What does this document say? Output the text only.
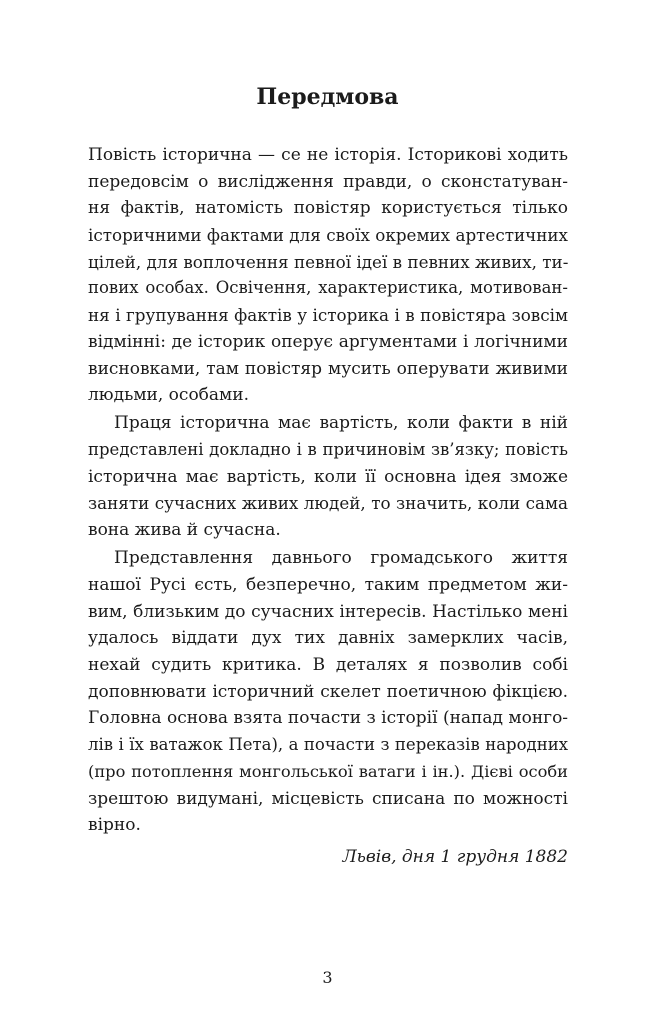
Передмова
Повість історична — се не історія. Історикові ходить
передовсім о вислідження правди, о сконстатуван-
ня фактів, натомість повістяр користується тілько
історичними фактами для своїх окремих артестичних
цілей, для воплочення певної ідеї в певних живих, ти-
пових особах. Освічення, характеристика, мотивован-
ня і групування фактів у історика і в повістяра зовсім
відмінні: де історик оперує аргументами і логічними
висновками, там повістяр мусить оперувати живими
людьми, особами.
Праця історична має вартість, коли факти в ній
представлені докладно і в причиновім зв’язку; повість
історична має вартість, коли її основна ідея зможе
заняти сучасних живих людей, то значить, коли сама
вона жива й сучасна.
Представлення давнього громадського життя
нашої Русі єсть, безперечно, таким предметом жи-
вим, близьким до сучасних інтересів. Настілько мені
удалось віддати дух тих давніх замерклих часів,
нехай судить критика. В деталях я позволив собі
доповнювати історичний скелет поетичною фікцією.
Головна основа взята почасти з історії (напад монго-
лів і їх ватажок Пета), а почасти з переказів народних
(про потоплення монгольської ватаги і ін.). Дієві особи
зрештою видумані, місцевість списана по можності
вірно.
Львів, дня 1 грудня 1882
3
